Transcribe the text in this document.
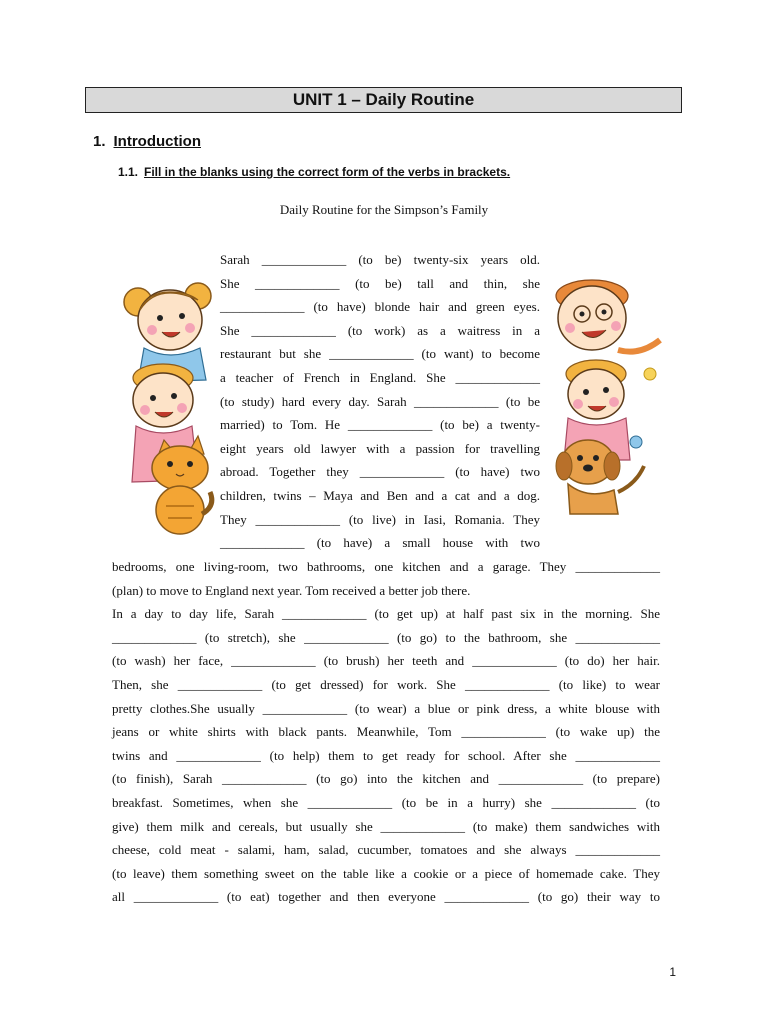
UNIT 1 – Daily Routine
1. Introduction
1.1. Fill in the blanks using the correct form of the verbs in brackets.
Daily Routine for the Simpson’s Family
Sarah _____________ (to be) twenty-six years old.
She _____________ (to be) tall and thin, she
_____________ (to have) blonde hair and green eyes.
She _____________ (to work) as a waitress in a
restaurant but she _____________ (to want) to become
a teacher of French in England. She _____________
(to study) hard every day. Sarah _____________ (to be
married) to Tom. He _____________ (to be) a twenty-
eight years old lawyer with a passion for travelling
abroad. Together they _____________ (to have) two
children, twins – Maya and Ben and a cat and a dog.
They _____________ (to live) in Iasi, Romania. They
_____________ (to have) a small house with two
bedrooms, one living-room, two bathrooms, one kitchen and a garage. They _____________
(plan) to move to England next year. Tom received a better job there.
In a day to day life, Sarah _____________ (to get up) at half past six in the morning. She
_____________ (to stretch), she _____________ (to go) to the bathroom, she _____________
(to wash) her face, _____________ (to brush) her teeth and _____________ (to do) her hair.
Then, she _____________ (to get dressed) for work. She _____________ (to like) to wear
pretty clothes.She usually _____________ (to wear) a blue or pink dress, a white blouse with
jeans or white shirts with black pants. Meanwhile, Tom _____________ (to wake up) the
twins and _____________ (to help) them to get ready for school. After she _____________
(to finish), Sarah _____________ (to go) into the kitchen and _____________ (to prepare)
breakfast. Sometimes, when she _____________ (to be in a hurry) she _____________ (to
give) them milk and cereals, but usually she _____________ (to make) them sandwiches with
cheese, cold meat - salami, ham, salad, cucumber, tomatoes and she always _____________
(to leave) them something sweet on the table like a cookie or a piece of homemade cake. They
all _____________ (to eat) together and then everyone _____________ (to go) their way to
1
